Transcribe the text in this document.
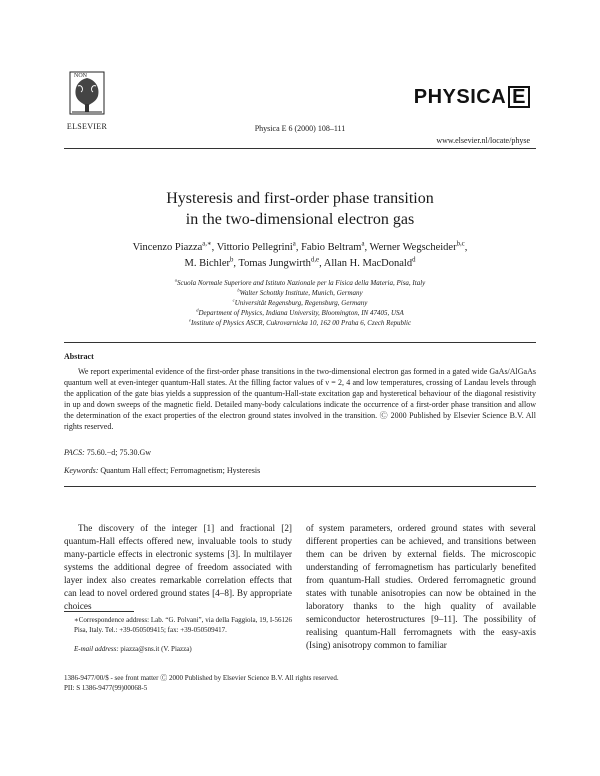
NON
ELSEVIER	Physica E 6 (2000) 108–111
PHYSICA E
www.elsevier.nl/locate/physe
Hysteresis and first-order phase transition
in the two-dimensional electron gas
Vincenzo Piazza$^{a,∗}$, Vittorio Pellegrini$^a$, Fabio Beltram$^a$, Werner Wegscheider$^{b,c}$,
M. Bichler$^b$, Tomas Jungwirth$^{d,e}$, Allan H. MacDonald$^d$
$^a$Scuola Normale Superiore and Istituto Nazionale per la Fisica della Materia, Pisa, Italy
$^b$Walter Schottky Institute, Munich, Germany
$^c$Universität Regensburg, Regensburg, Germany
$^d$Department of Physics, Indiana University, Bloomington, IN 47405, USA
$^e$Institute of Physics ASCR, Cukrovarnicka 10, 162 00 Praha 6, Czech Republic
Abstract
We report experimental evidence of the first-order phase transitions in the two-dimensional electron gas formed in a gated wide GaAs/AlGaAs quantum well at even-integer quantum-Hall states. At the filling factor values of ν = 2, 4 and low temperatures, crossing of Landau levels through the application of the gate bias yields a suppression of the quantum-Hall-state excitation gap and hysteretical behaviour of the diagonal resistivity in up and down sweeps of the magnetic field. Detailed many-body calculations indicate the occurrence of a first-order phase transition and allow the determination of the exact properties of the electron ground states involved in the transition. Ⓒ 2000 Published by Elsevier Science B.V. All rights reserved.
PACS: 75.60.−d; 75.30.Gw
Keywords: Quantum Hall effect; Ferromagnetism; Hysteresis
The discovery of the integer [1] and fractional [2] quantum-Hall effects offered new, invaluable tools to study many-particle effects in electronic systems [3]. In multilayer systems the additional degree of freedom associated with layer index also creates remarkable correlation effects that can lead to novel ordered ground states [4–8]. By appropriate choices
of system parameters, ordered ground states with several different properties can be achieved, and transitions between them can be driven by external fields. The microscopic understanding of ferromagnetism has particularly benefited from quantum-Hall studies. Ordered ferromagnetic ground states with tunable anisotropies can now be obtained in the laboratory thanks to the high quality of available semiconductor heterostructures [9–11]. The possibility of realising quantum-Hall ferromagnets with the easy-axis (Ising) anisotropy common to familiar
∗Correspondence address: Lab. “G. Polvani”, via della Faggiola, 19, I-56126 Pisa, Italy. Tel.: +39-050509415; fax: +39-050509417.
E-mail address: piazza@sns.it (V. Piazza)
1386-9477/00/$ - see front matter Ⓒ 2000 Published by Elsevier Science B.V. All rights reserved.
PII: S 1386-9477(99)00068-5
